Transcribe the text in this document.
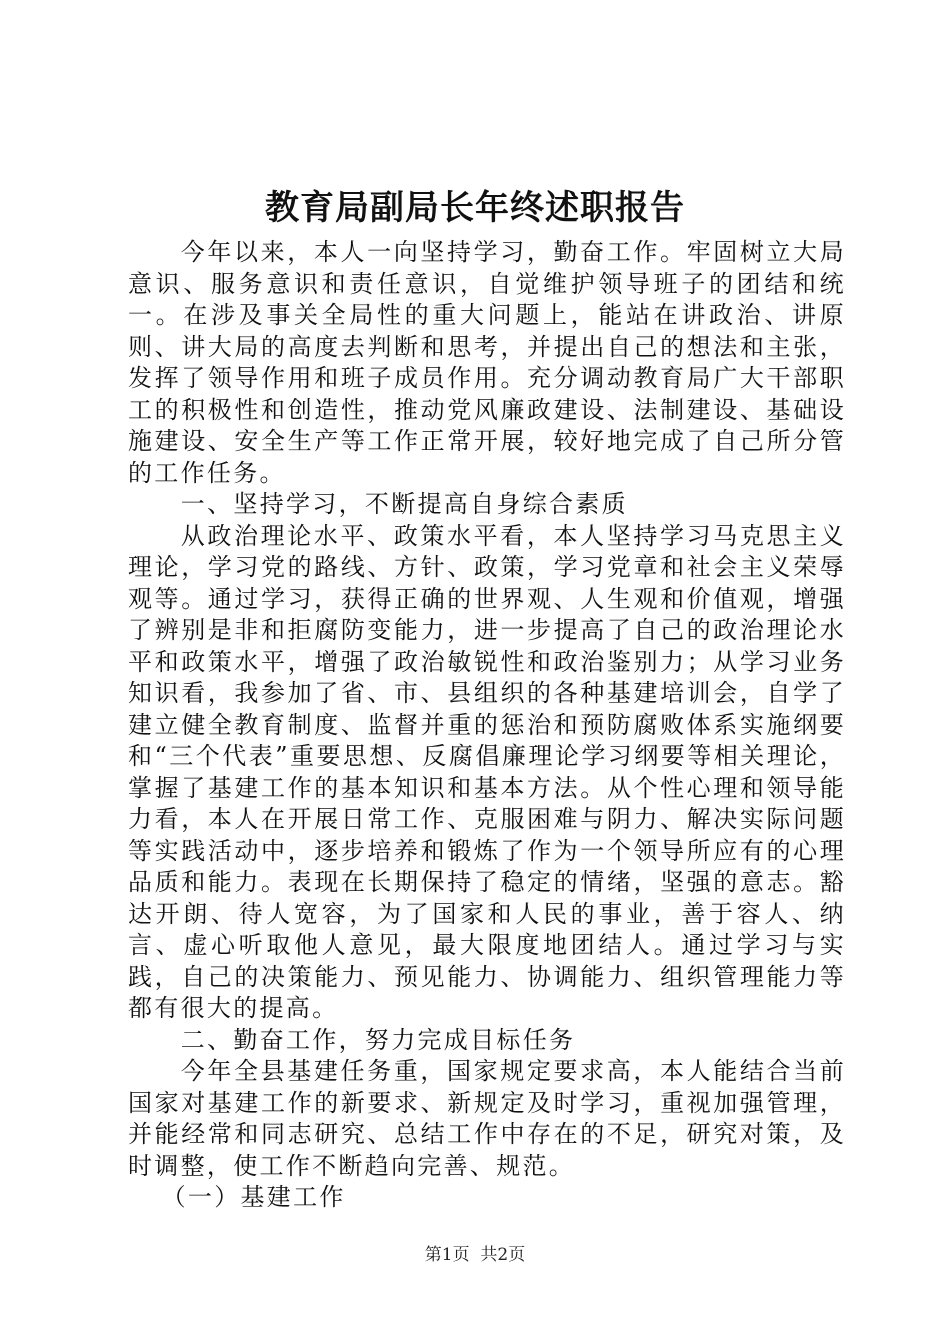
教育局副局长年终述职报告

今年以来，本人一向坚持学习，勤奋工作。牢固树立大局意识、服务意识和责任意识，自觉维护领导班子的团结和统一。在涉及事关全局性的重大问题上，能站在讲政治、讲原则、讲大局的高度去判断和思考，并提出自己的想法和主张，发挥了领导作用和班子成员作用。充分调动教育局广大干部职工的积极性和创造性，推动党风廉政建设、法制建设、基础设施建设、安全生产等工作正常开展，较好地完成了自己所分管的工作任务。

一、坚持学习，不断提高自身综合素质

从政治理论水平、政策水平看，本人坚持学习马克思主义理论，学习党的路线、方针、政策，学习党章和社会主义荣辱观等。通过学习，获得正确的世界观、人生观和价值观，增强了辨别是非和拒腐防变能力，进一步提高了自己的政治理论水平和政策水平，增强了政治敏锐性和政治鉴别力；从学习业务知识看，我参加了省、市、县组织的各种基建培训会，自学了建立健全教育制度、监督并重的惩治和预防腐败体系实施纲要和“三个代表”重要思想、反腐倡廉理论学习纲要等相关理论，掌握了基建工作的基本知识和基本方法。从个性心理和领导能力看，本人在开展日常工作、克服困难与阴力、解决实际问题等实践活动中，逐步培养和锻炼了作为一个领导所应有的心理品质和能力。表现在长期保持了稳定的情绪，坚强的意志。豁达开朗、待人宽容，为了国家和人民的事业，善于容人、纳言、虚心听取他人意见，最大限度地团结人。通过学习与实践，自己的决策能力、预见能力、协调能力、组织管理能力等都有很大的提高。

二、勤奋工作，努力完成目标任务

今年全县基建任务重，国家规定要求高，本人能结合当前国家对基建工作的新要求、新规定及时学习，重视加强管理，并能经常和同志研究、总结工作中存在的不足，研究对策，及时调整，使工作不断趋向完善、规范。

（一）基建工作

第1页  共2页
